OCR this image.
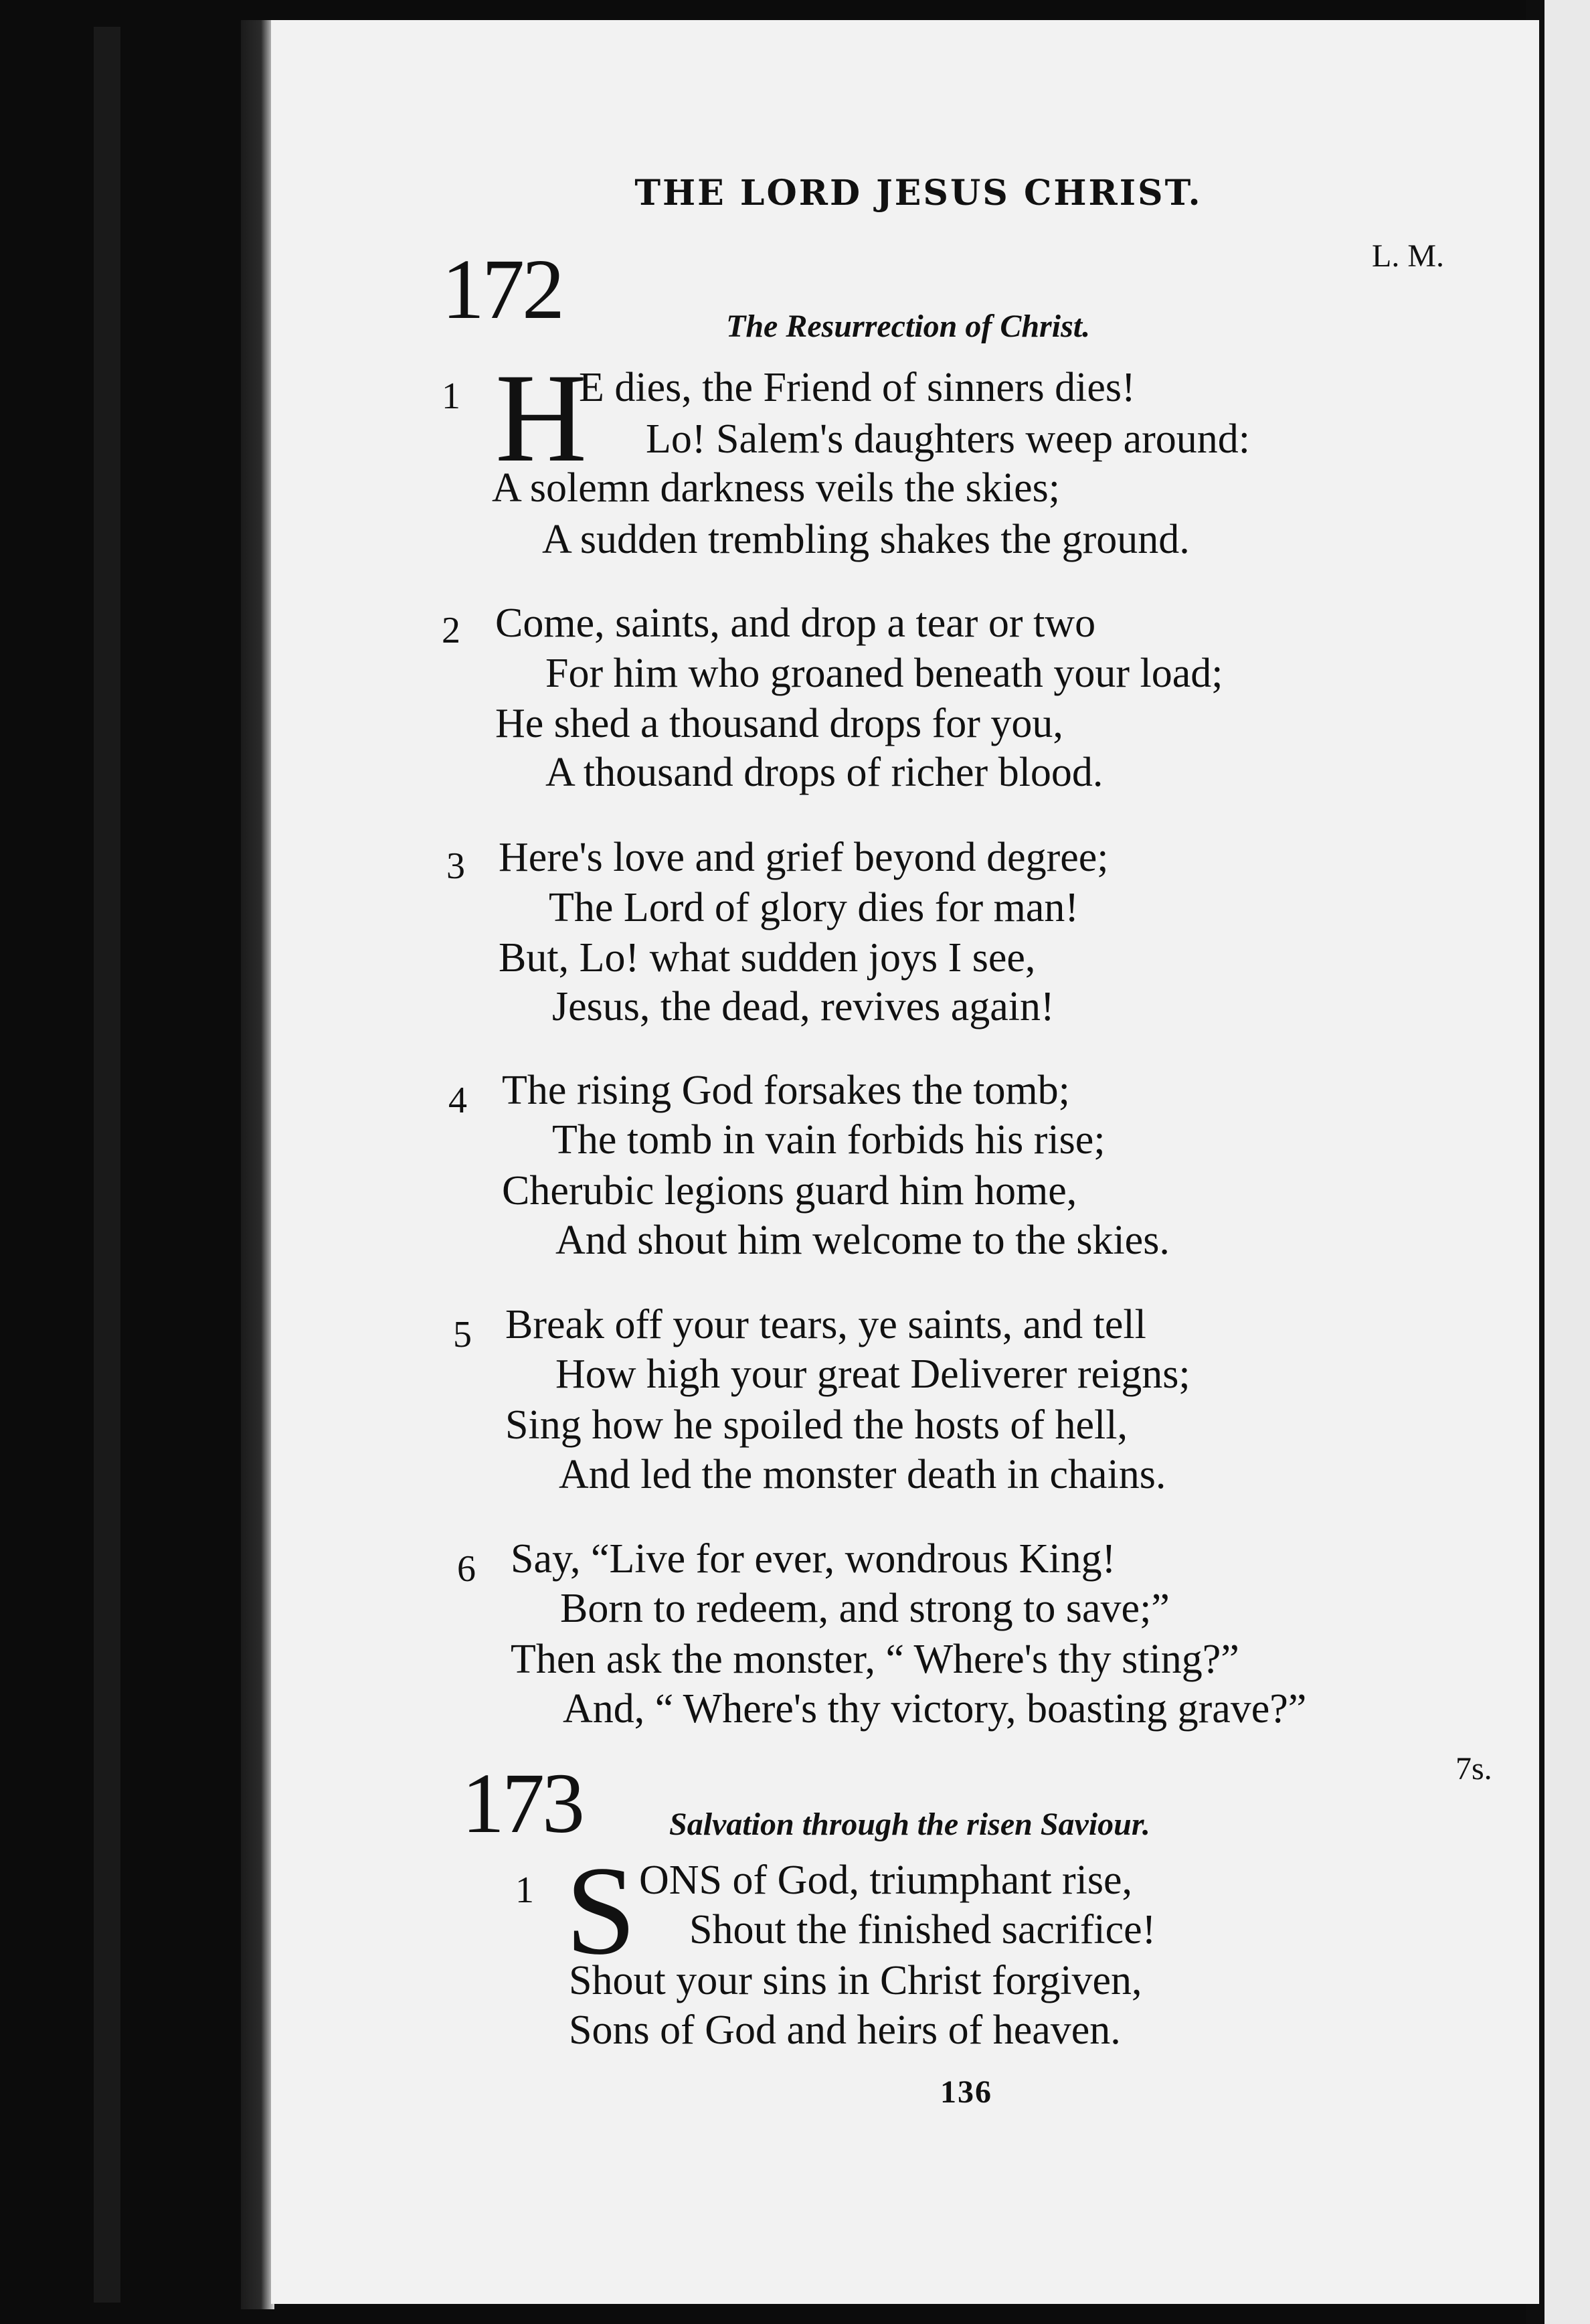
THE LORD JESUS CHRIST.
172	L. M.
The Resurrection of Christ.
1 H
E dies, the Friend of sinners dies!
Lo! Salem's daughters weep around:
A solemn darkness veils the skies;
A sudden trembling shakes the ground.
2 Come, saints, and drop a tear or two
For him who groaned beneath your load;
He shed a thousand drops for you,
A thousand drops of richer blood.
3 Here's love and grief beyond degree;
The Lord of glory dies for man!
But, Lo! what sudden joys I see,
Jesus, the dead, revives again!
4 The rising God forsakes the tomb;
The tomb in vain forbids his rise;
Cherubic legions guard him home,
And shout him welcome to the skies.
5 Break off your tears, ye saints, and tell
How high your great Deliverer reigns;
Sing how he spoiled the hosts of hell,
And led the monster death in chains.
6 Say, “Live for ever, wondrous King!
Born to redeem, and strong to save;”
Then ask the monster, “ Where's thy sting?”
And, “ Where's thy victory, boasting grave?”
173	7s.
Salvation through the risen Saviour.
1 S ONS of God, triumphant rise,
Shout the finished sacrifice!
Shout your sins in Christ forgiven,
Sons of God and heirs of heaven.
136
